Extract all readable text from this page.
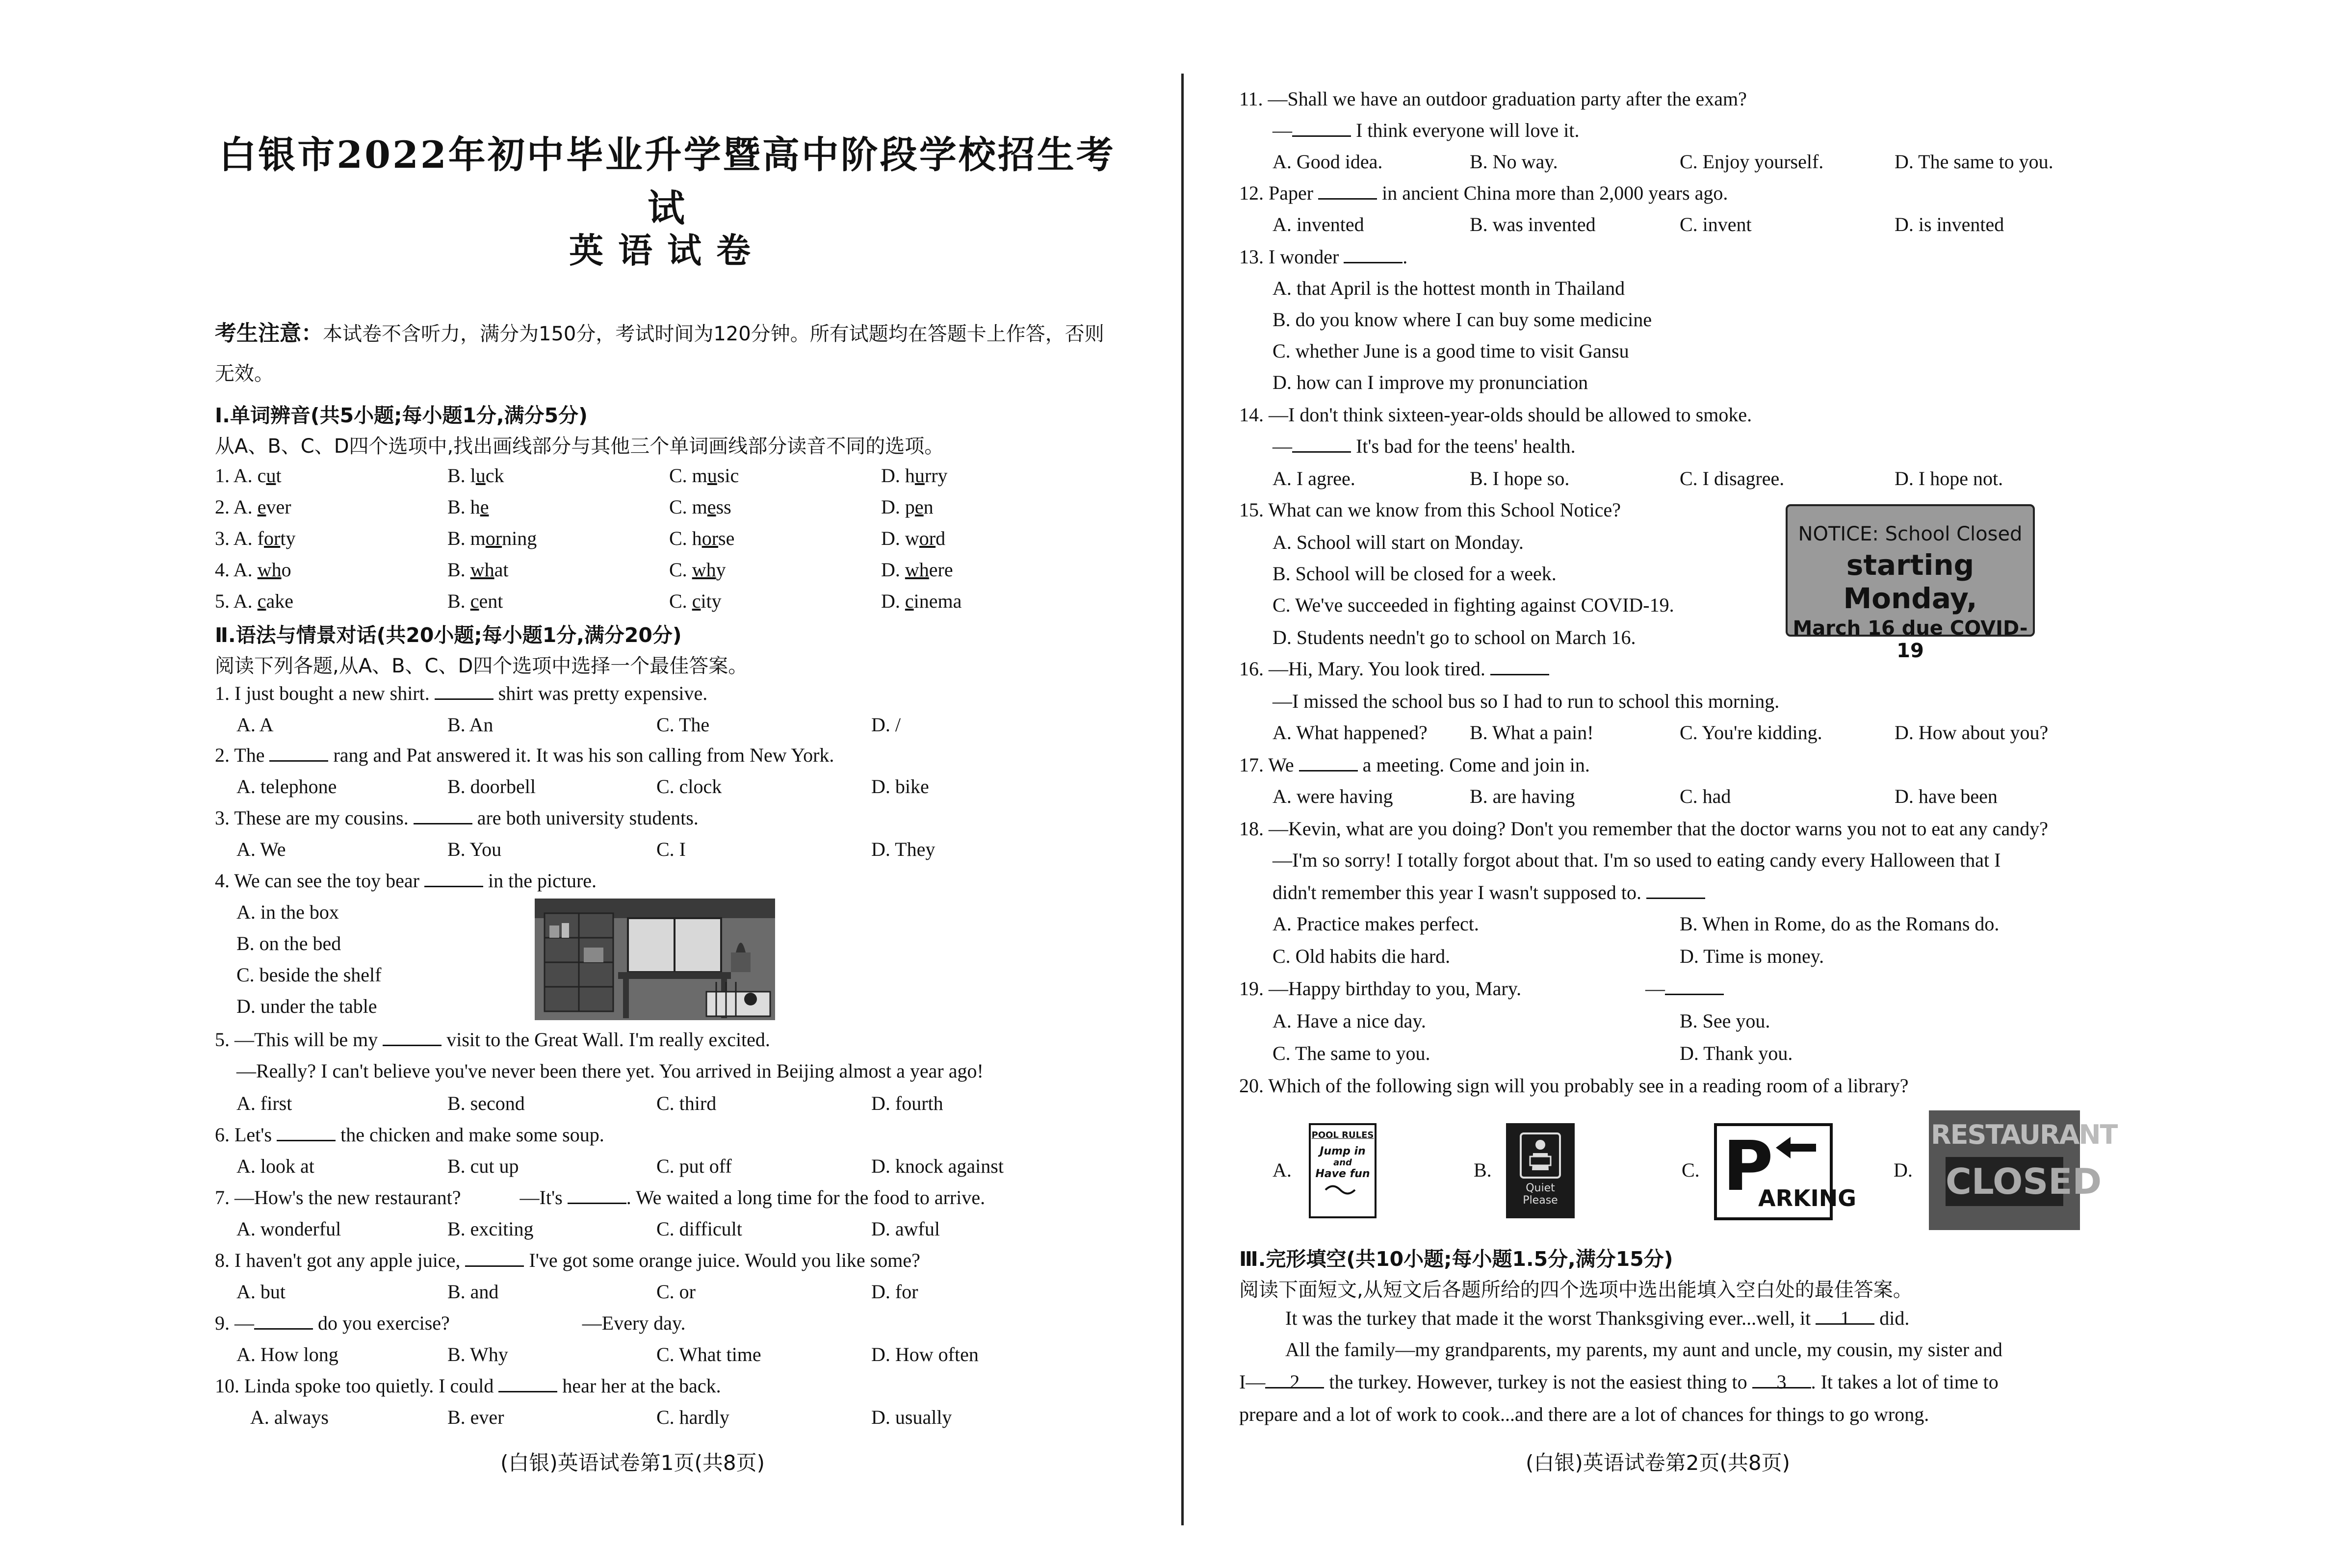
白银市2022年初中毕业升学暨高中阶段学校招生考试
英语试卷
考生注意：本试卷不含听力，满分为150分，考试时间为120分钟。所有试题均在答题卡上作答，否则无效。
Ⅰ.单词辨音(共5小题;每小题1分,满分5分)
从A、B、C、D四个选项中,找出画线部分与其他三个单词画线部分读音不同的选项。
1. A. cut	B. luck	C. music	D. hurry
2. A. ever	B. he	C. mess	D. pen
3. A. forty	B. morning	C. horse	D. word
4. A. who	B. what	C. why	D. where
5. A. cake	B. cent	C. city	D. cinema
Ⅱ.语法与情景对话(共20小题;每小题1分,满分20分)
阅读下列各题,从A、B、C、D四个选项中选择一个最佳答案。
1. I just bought a new shirt.	shirt was pretty expensive.
A. A	B. An	C. The	D. /
2. The	rang and Pat answered it. It was his son calling from New York.
A. telephone	B. doorbell	C. clock	D. bike
3. These are my cousins.	are both university students.
A. We	B. You	C. I	D. They
4. We can see the toy bear	in the picture.
A. in the box
B. on the bed
C. beside the shelf
D. under the table
5. —This will be my	visit to the Great Wall. I'm really excited.
—Really? I can't believe you've never been there yet. You arrived in Beijing almost a year ago!
A. first	B. second	C. third	D. fourth
6. Let's	the chicken and make some soup.
A. look at	B. cut up	C. put off	D. knock against
7. —How's the new restaurant?	—It's	. We waited a long time for the food to arrive.
A. wonderful	B. exciting	C. difficult	D. awful
8. I haven't got any apple juice,	I've got some orange juice. Would you like some?
A. but	B. and	C. or	D. for
9. —	do you exercise?	—Every day.
A. How long	B. Why	C. What time	D. How often
10. Linda spoke too quietly. I could	hear her at the back.
A. always	B. ever	C. hardly	D. usually
(白银)英语试卷第1页(共8页)
11. —Shall we have an outdoor graduation party after the exam?
—	I think everyone will love it.
A. Good idea.	B. No way.	C. Enjoy yourself.	D. The same to you.
12. Paper	in ancient China more than 2,000 years ago.
A. invented	B. was invented	C. invent	D. is invented
13. I wonder	.
A. that April is the hottest month in Thailand
B. do you know where I can buy some medicine
C. whether June is a good time to visit Gansu
D. how can I improve my pronunciation
14. —I don't think sixteen-year-olds should be allowed to smoke.
—	It's bad for the teens' health.
A. I agree.	B. I hope so.	C. I disagree.	D. I hope not.
15. What can we know from this School Notice?
A. School will start on Monday.
B. School will be closed for a week.
C. We've succeeded in fighting against COVID-19.
D. Students needn't go to school on March 16.
NOTICE: School Closed
starting Monday,
March 16 due COVID-19
16. —Hi, Mary. You look tired.
—I missed the school bus so I had to run to school this morning.
A. What happened? B. What a pain!	C. You're kidding.	D. How about you?
17. We	a meeting. Come and join in.
A. were having	B. are having	C. had	D. have been
18. —Kevin, what are you doing? Don't you remember that the doctor warns you not to eat any candy?
—I'm so sorry! I totally forgot about that. I'm so used to eating candy every Halloween that I
didn't remember this year I wasn't supposed to.
A. Practice makes perfect.	B. When in Rome, do as the Romans do.
C. Old habits die hard.	D. Time is money.
19. —Happy birthday to you, Mary.	—
A. Have a nice day.	B. See you.
C. The same to you.	D. Thank you.
20. Which of the following sign will you probably see in a reading room of a library?
A.
POOL RULES
Jump in
and
Have fun	B.
Quiet
Please
C. P
ARKING
D.
RESTAURANT
CLOSED
Ⅲ.完形填空(共10小题;每小题1.5分,满分15分)
阅读下面短文,从短文后各题所给的四个选项中选出能填入空白处的最佳答案。
It was the turkey that made it the worst Thanksgiving ever...well, it 1 did.
All the family—my grandparents, my parents, my aunt and uncle, my cousin, my sister and
I— 2 the turkey. However, turkey is not the easiest thing to 3 . It takes a lot of time to
prepare and a lot of work to cook...and there are a lot of chances for things to go wrong.
(白银)英语试卷第2页(共8页)
